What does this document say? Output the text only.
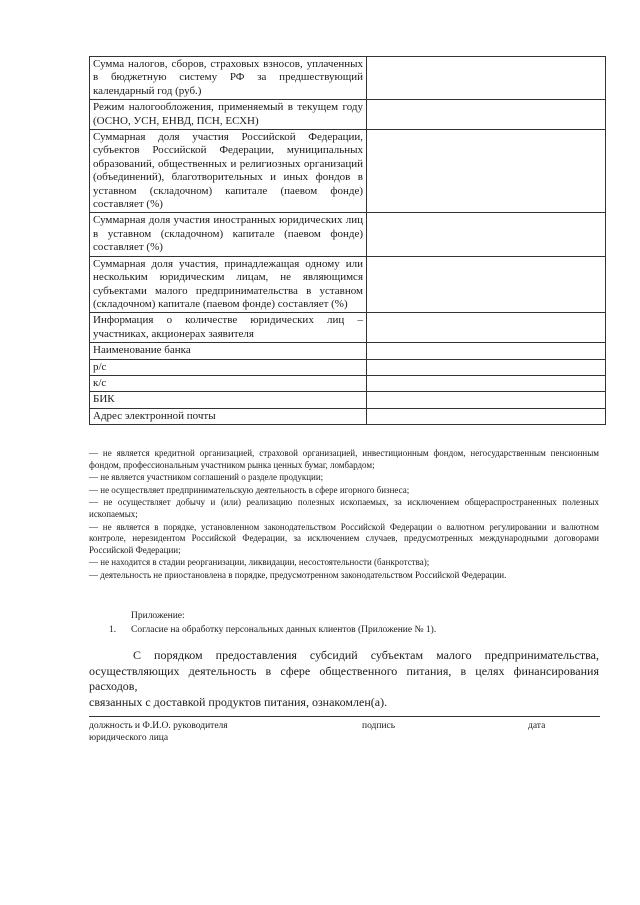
Сумма налогов, сборов, страховых взносов, уплаченных в бюджетную систему РФ за предшествующий календарный год (руб.)	
Режим налогообложения, применяемый в текущем году (ОСНО, УСН, ЕНВД, ПСН, ЕСХН)	
Суммарная доля участия Российской Федерации, субъектов Российской Федерации, муниципальных образований, общественных и религиозных организаций (объединений), благотворительных и иных фондов в уставном (складочном) капитале (паевом фонде) составляет (%)	
Суммарная доля участия иностранных юридических лиц в уставном (складочном) капитале (паевом фонде) составляет (%)	
Суммарная доля участия, принадлежащая одному или нескольким юридическим лицам, не являющимся субъектами малого предпринимательства в уставном (складочном) капитале (паевом фонде) составляет (%)	
Информация о количестве юридических лиц – участниках, акционерах заявителя	
Наименование банка	
р/с	
к/с	
БИК	
Адрес электронной почты	
— не является кредитной организацией, страховой организацией, инвестиционным фондом, негосударственным пенсионным фондом, профессиональным участником рынка ценных бумаг, ломбардом;
— не является участником соглашений о разделе продукции;
— не осуществляет предпринимательскую деятельность в сфере игорного бизнеса;
— не осуществляет добычу и (или) реализацию полезных ископаемых, за исключением общераспространенных полезных ископаемых;
— не является в порядке, установленном законодательством Российской Федерации о валютном регулировании и валютном контроле, нерезидентом Российской Федерации, за исключением случаев, предусмотренных международными договорами Российской Федерации;
— не находится в стадии реорганизации, ликвидации, несостоятельности (банкротства);
— деятельность не приостановлена в порядке, предусмотренном законодательством Российской Федерации.
Приложение:
1. Согласие на обработку персональных данных клиентов (Приложение № 1).
С порядком предоставления субсидий субъектам малого предпринимательства,
осуществляющих деятельность в сфере общественного питания, в целях финансирования расходов,
связанных с доставкой продуктов питания, ознакомлен(а).
должность и Ф.И.О. руководителя
юридического лица
подпись	дата
